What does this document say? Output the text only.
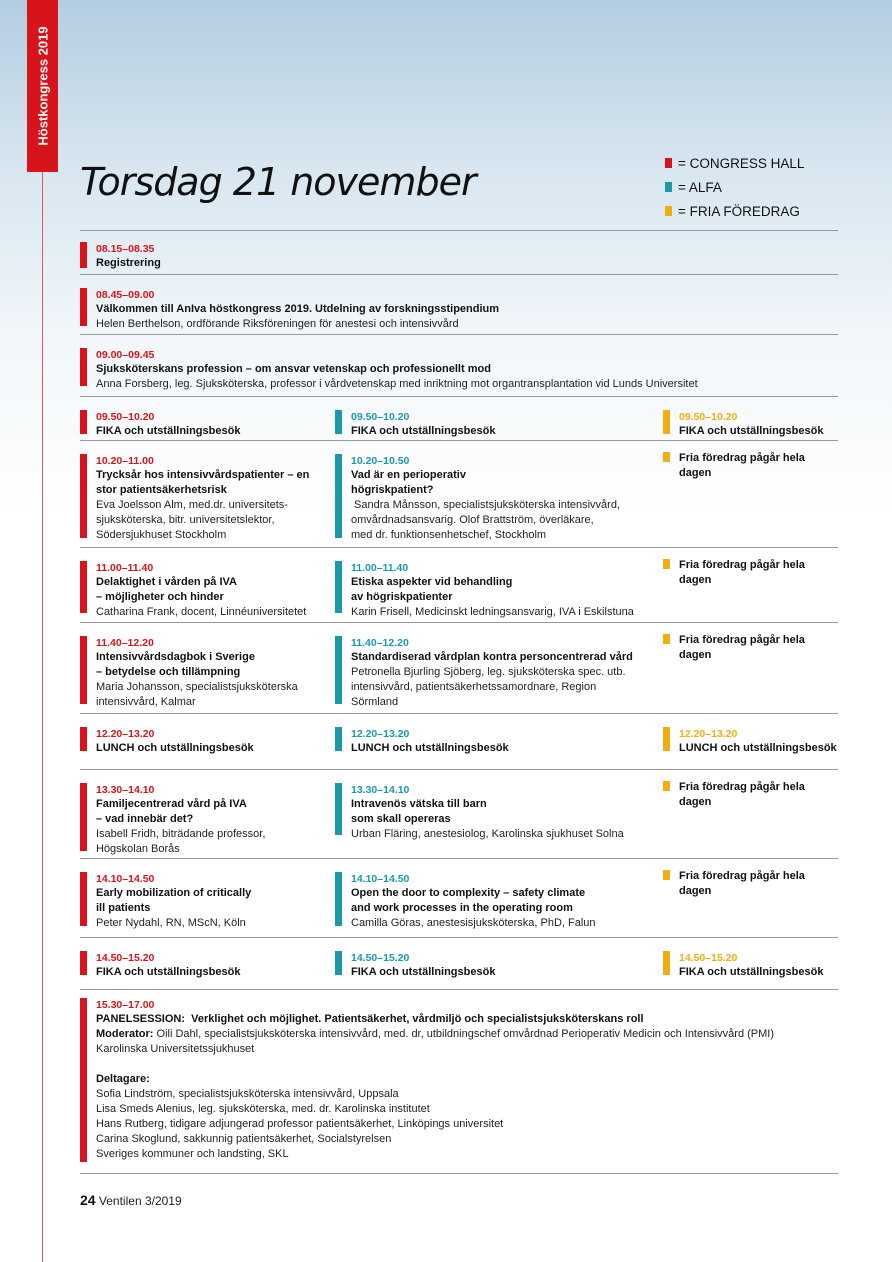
Höstkongress 2019
Torsdag 21 november	= CONGRESS HALL
= ALFA
= FRIA FÖREDRAG
08.15–08.35
Registrering
08.45–09.00
Välkommen till AnIva höstkongress 2019. Utdelning av forskningsstipendium
Helen Berthelson, ordförande Riksföreningen för anestesi och intensivvård
09.00–09.45
Sjuksköterskans profession – om ansvar vetenskap och professionellt mod
Anna Forsberg, leg. Sjuksköterska, professor i vårdvetenskap med inriktning mot organtransplantation vid Lunds Universitet
09.50–10.20
FIKA och utställningsbesök
09.50–10.20
FIKA och utställningsbesök
09.50–10.20
FIKA och utställningsbesök
10.20–11.00
Trycksår hos intensivvårdspatienter – en
stor patientsäkerhetsrisk
Eva Joelsson Alm, med.dr. universitets-
sjuksköterska, bitr. universitetslektor,
Södersjukhuset Stockholm
10.20–10.50
Vad är en perioperativ
högriskpatient?
Sandra Månsson, specialistsjuksköterska intensivvård,
omvårdnadsansvarig. Olof Brattström, överläkare,
med dr. funktionsenhetschef, Stockholm
Fria föredrag pågår hela dagen
11.00–11.40
Delaktighet i vården på IVA
– möjligheter och hinder
Catharina Frank, docent, Linnéuniversitetet
11.00–11.40
Etiska aspekter vid behandling
av högriskpatienter
Karin Frisell, Medicinskt ledningsansvarig, IVA i Eskilstuna
Fria föredrag pågår hela dagen
11.40–12.20
Intensivvårdsdagbok i Sverige
– betydelse och tillämpning
Maria Johansson, specialistsjuksköterska
intensivvård, Kalmar
11.40–12.20
Standardiserad vårdplan kontra personcentrerad vård
Petronella Bjurling Sjöberg, leg. sjuksköterska spec. utb.
intensivvård, patientsäkerhetssamordnare, Region
Sörmland
Fria föredrag pågår hela dagen
12.20–13.20
LUNCH och utställningsbesök
12.20–13.20
LUNCH och utställningsbesök
12.20–13.20
LUNCH och utställningsbesök
13.30–14.10
Familjecentrerad vård på IVA
– vad innebär det?
Isabell Fridh, biträdande professor,
Högskolan Borås
13.30–14.10
Intravenös vätska till barn
som skall opereras
Urban Fläring, anestesiolog, Karolinska sjukhuset Solna
Fria föredrag pågår hela dagen
14.10–14.50
Early mobilization of critically
ill patients
Peter Nydahl, RN, MScN, Köln
14.10–14.50
Open the door to complexity – safety climate
and work processes in the operating room
Camilla Göras, anestesisjuksköterska, PhD, Falun
Fria föredrag pågår hela dagen
14.50–15.20
FIKA och utställningsbesök
14.50–15.20
FIKA och utställningsbesök
14.50–15.20
FIKA och utställningsbesök
15.30–17.00
PANELSESSION:  Verklighet och möjlighet. Patientsäkerhet, vårdmiljö och specialistsjuksköterskans roll
Moderator: Oili Dahl, specialistsjuksköterska intensivvård, med. dr, utbildningschef omvårdnad Perioperativ Medicin och Intensivvård (PMI)
Karolinska Universitetssjukhuset
Deltagare:
Sofia Lindström, specialistsjuksköterska intensivvård, Uppsala
Lisa Smeds Alenius, leg. sjuksköterska, med. dr. Karolinska institutet
Hans Rutberg, tidigare adjungerad professor patientsäkerhet, Linköpings universitet
Carina Skoglund, sakkunnig patientsäkerhet, Socialstyrelsen
Sveriges kommuner och landsting, SKL
24 Ventilen 3/2019
